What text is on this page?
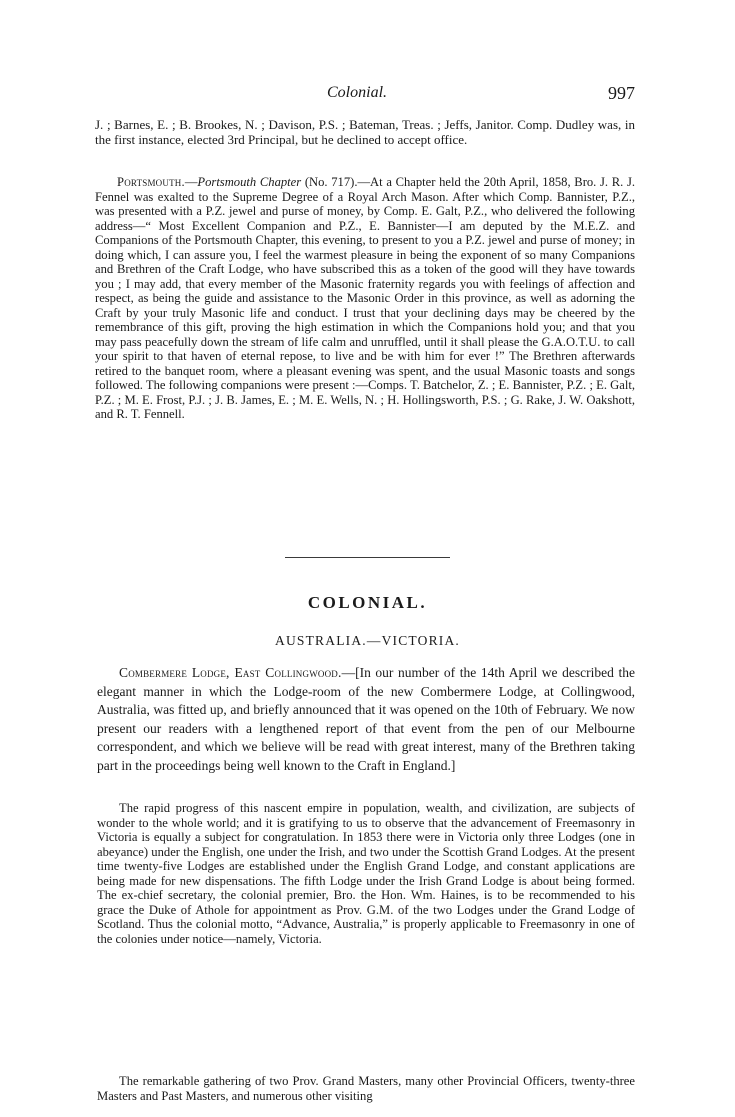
Colonial.	997

J. ; Barnes, E. ; B. Brookes, N. ; Davison, P.S. ; Bateman, Treas. ; Jeffs, Janitor. Comp. Dudley was, in the first instance, elected 3rd Principal, but he declined to accept office.

Portsmouth.—Portsmouth Chapter (No. 717).—At a Chapter held the 20th April, 1858, Bro. J. R. J. Fennel was exalted to the Supreme Degree of a Royal Arch Mason. After which Comp. Bannister, P.Z., was presented with a P.Z. jewel and purse of money, by Comp. E. Galt, P.Z., who delivered the following address—“ Most Excellent Companion and P.Z., E. Bannister—I am deputed by the M.E.Z. and Companions of the Portsmouth Chapter, this evening, to present to you a P.Z. jewel and purse of money; in doing which, I can assure you, I feel the warmest pleasure in being the exponent of so many Companions and Brethren of the Craft Lodge, who have subscribed this as a token of the good will they have towards you ; I may add, that every member of the Masonic fraternity regards you with feelings of affection and respect, as being the guide and assistance to the Masonic Order in this province, as well as adorning the Craft by your truly Masonic life and conduct. I trust that your declining days may be cheered by the remembrance of this gift, proving the high estimation in which the Companions hold you; and that you may pass peacefully down the stream of life calm and unruffled, until it shall please the G.A.O.T.U. to call your spirit to that haven of eternal repose, to live and be with him for ever !” The Brethren afterwards retired to the banquet room, where a pleasant evening was spent, and the usual Masonic toasts and songs followed. The following companions were present :—Comps. T. Batchelor, Z. ; E. Bannister, P.Z. ; E. Galt, P.Z. ; M. E. Frost, P.J. ; J. B. James, E. ; M. E. Wells, N. ; H. Hollingsworth, P.S. ; G. Rake, J. W. Oakshott, and R. T. Fennell.

COLONIAL.
AUSTRALIA.—VICTORIA.

Combermere Lodge, East Collingwood.—[In our number of the 14th April we described the elegant manner in which the Lodge-room of the new Combermere Lodge, at Collingwood, Australia, was fitted up, and briefly announced that it was opened on the 10th of February. We now present our readers with a lengthened report of that event from the pen of our Melbourne correspondent, and which we believe will be read with great interest, many of the Brethren taking part in the proceedings being well known to the Craft in England.]

The rapid progress of this nascent empire in population, wealth, and civilization, are subjects of wonder to the whole world; and it is gratifying to us to observe that the advancement of Freemasonry in Victoria is equally a subject for congratulation. In 1853 there were in Victoria only three Lodges (one in abeyance) under the English, one under the Irish, and two under the Scottish Grand Lodges. At the present time twenty-five Lodges are established under the English Grand Lodge, and constant applications are being made for new dispensations. The fifth Lodge under the Irish Grand Lodge is about being formed. The ex-chief secretary, the colonial premier, Bro. the Hon. Wm. Haines, is to be recommended to his grace the Duke of Athole for appointment as Prov. G.M. of the two Lodges under the Grand Lodge of Scotland. Thus the colonial motto, “Advance, Australia,” is properly applicable to Freemasonry in one of the colonies under notice—namely, Victoria.

The remarkable gathering of two Prov. Grand Masters, many other Provincial Officers, twenty-three Masters and Past Masters, and numerous other visiting
